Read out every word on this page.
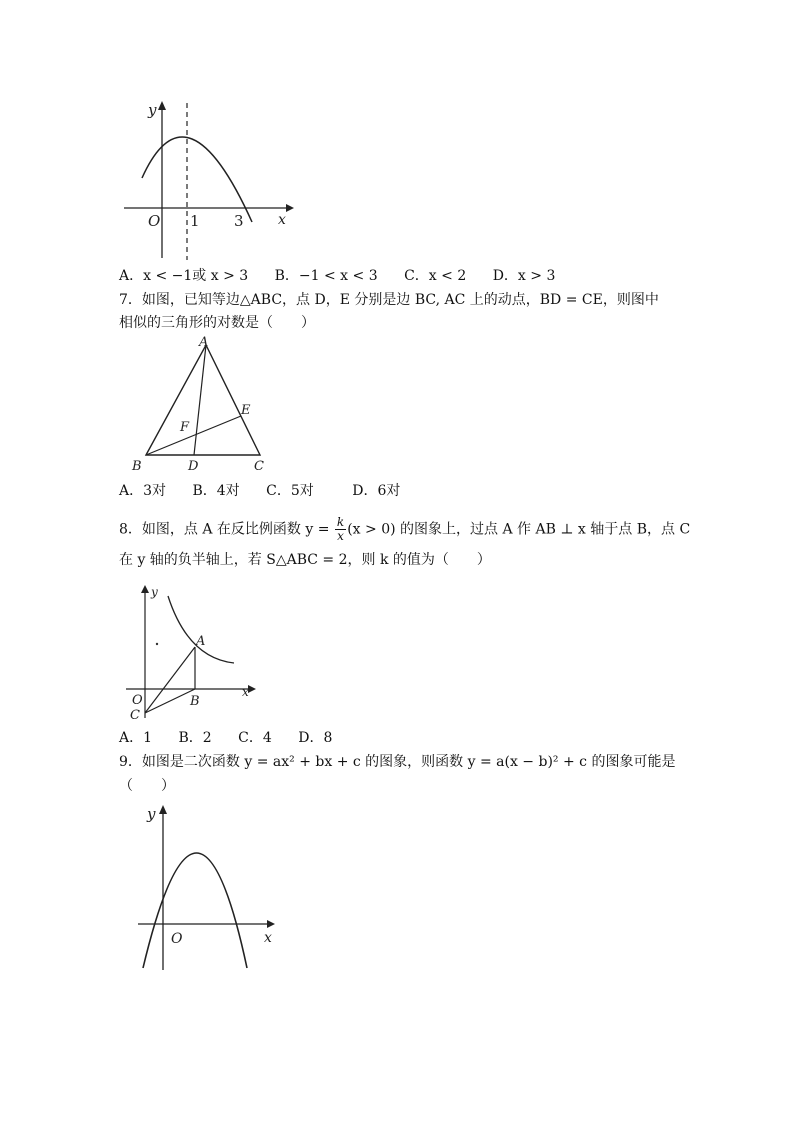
y
x
O 1 3
A．x < −1或 x > 3 B．−1 < x < 3 C．x < 2 D．x > 3
7．如图，已知等边△ABC，点 D，E 分别是边 BC, AC 上的动点，BD = CE，则图中
相似的三角形的对数是（　　）
A
B	C
D
E
F
A．3对 B．4对 C．5对	D．6对
8．如图，点 A 在反比例函数 $y = \frac{k}{x} (x > 0)$ 的图象上，过点 A 作 AB ⊥ x 轴于点 B，点 C
在 y 轴的负半轴上，若 S△ABC = 2，则 k 的值为（　　）
y
x
O
A
B
C
A．1 B．2 C．4 D．8
9．如图是二次函数 y = ax² + bx + c 的图象，则函数 y = a(x − b)² + c 的图象可能是
（　　）
y
x
O
